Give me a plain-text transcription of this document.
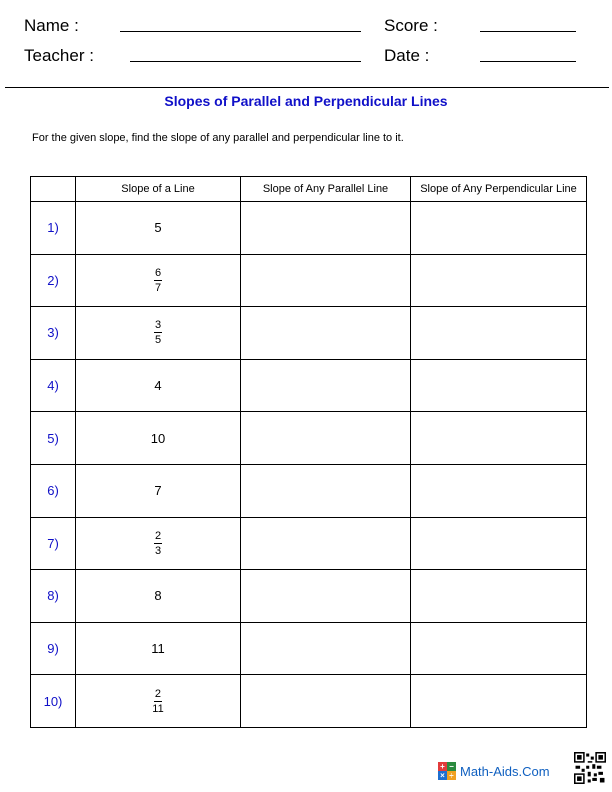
Name :	Score :
Teacher :	Date :
Slopes of Parallel and Perpendicular Lines
For the given slope, find the slope of any parallel and perpendicular line to it.
	Slope of a Line	Slope of Any Parallel Line	Slope of Any Perpendicular Line
1)	5		
2)	$\frac{6}{7}$

3)	$\frac{3}{5}$

4)	4		
5)	10		
6)	7		
7)	$\frac{2}{3}$

8)	8		
9)	11		
10)	$\frac{2}{11}$

+ −
× ÷ Math-Aids.Com
